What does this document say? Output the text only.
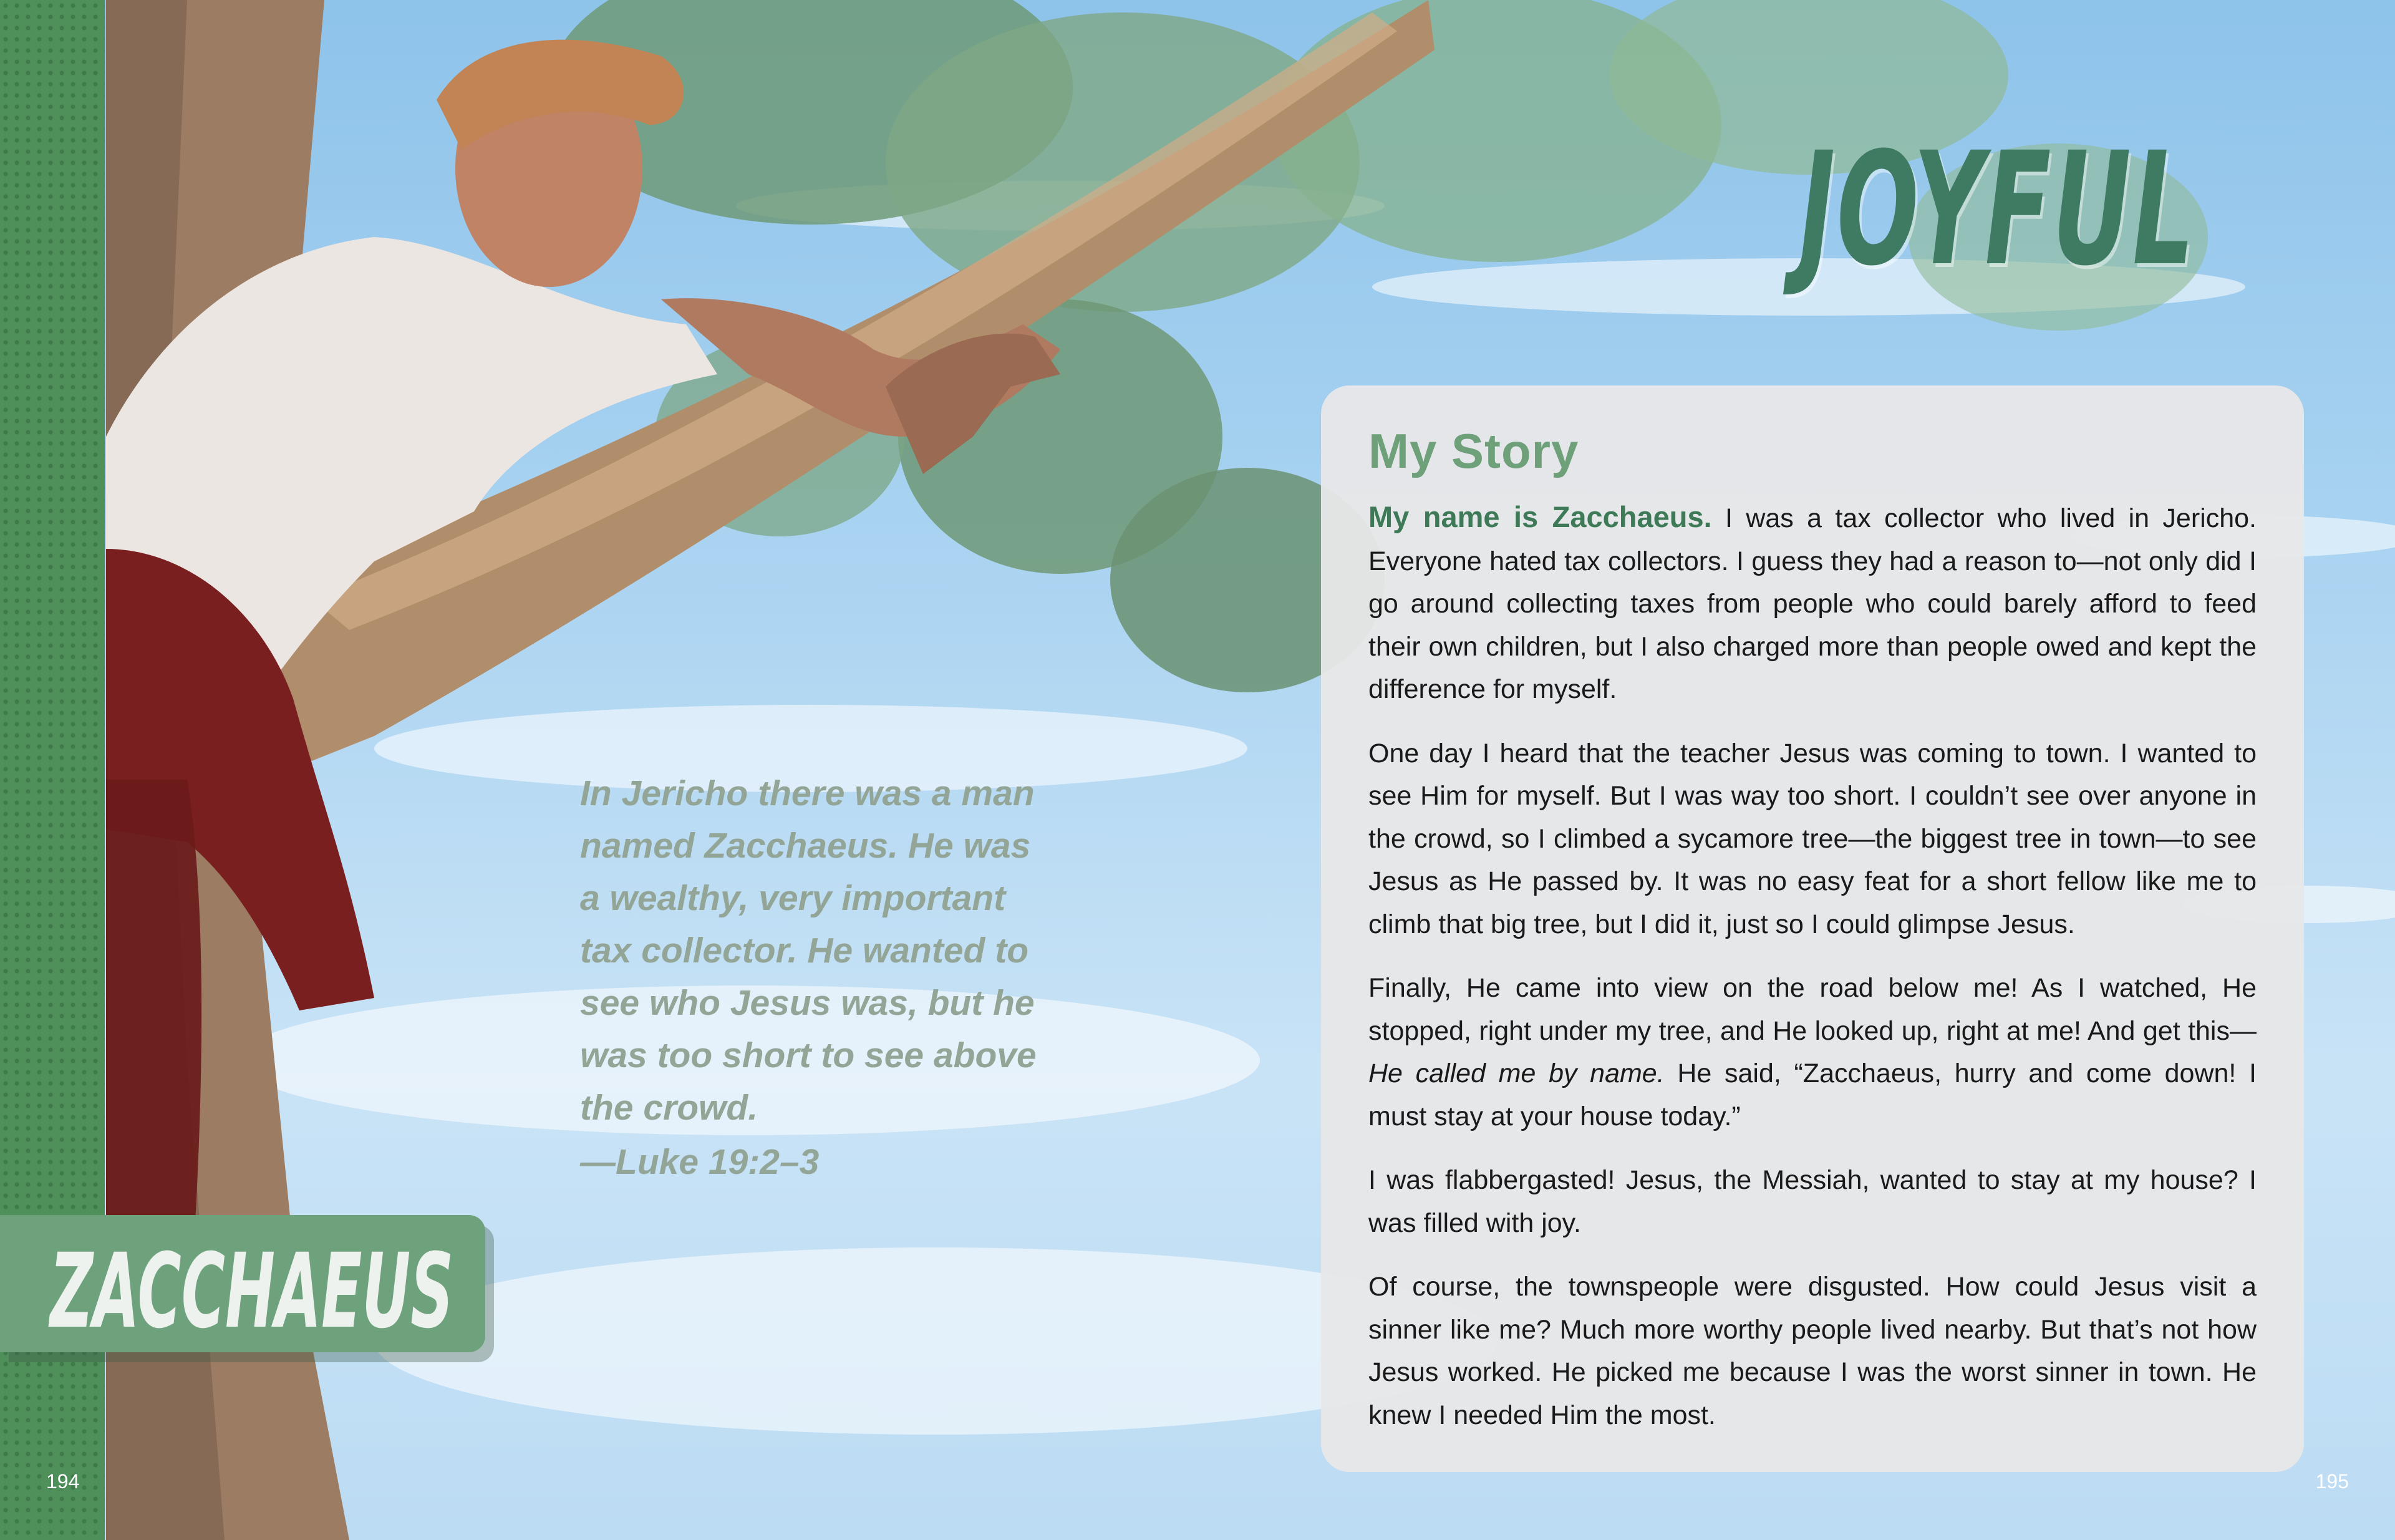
JOYFUL

In Jericho there was a man named Zacchaeus. He was a wealthy, very important tax collector. He wanted to see who Jesus was, but he was too short to see above the crowd.

—Luke 19:2–3

My Story

My name is Zacchaeus. I was a tax collector who lived in Jericho. Everyone hated tax collectors. I guess they had a reason to—not only did I go around collecting taxes from people who could barely afford to feed their own children, but I also charged more than people owed and kept the difference for myself.

One day I heard that the teacher Jesus was coming to town. I wanted to see Him for myself. But I was way too short. I couldn’t see over anyone in the crowd, so I climbed a sycamore tree—the biggest tree in town—to see Jesus as He passed by. It was no easy feat for a short fellow like me to climb that big tree, but I did it, just so I could glimpse Jesus.

Finally, He came into view on the road below me! As I watched, He stopped, right under my tree, and He looked up, right at me! And get this—He called me by name. He said, “Zacchaeus, hurry and come down! I must stay at your house today.”

I was flabbergasted! Jesus, the Messiah, wanted to stay at my house? I was filled with joy.

Of course, the townspeople were disgusted. How could Jesus visit a sinner like me? Much more worthy people lived nearby. But that’s not how Jesus worked. He picked me because I was the worst sinner in town. He knew I needed Him the most.

ZACCHAEUS
194	195
